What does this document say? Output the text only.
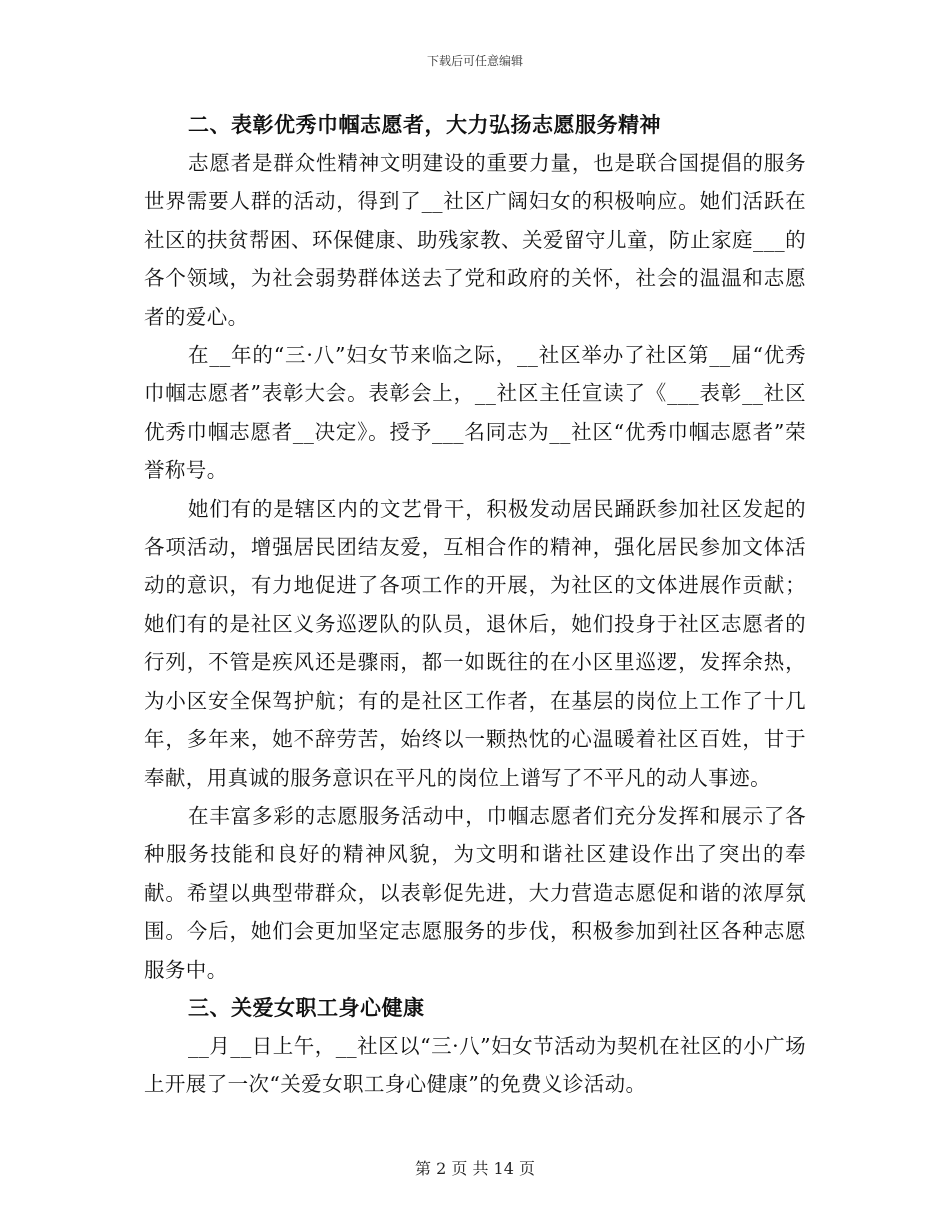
下载后可任意编辑
二、表彰优秀巾帼志愿者，大力弘扬志愿服务精神

志愿者是群众性精神文明建设的重要力量，也是联合国提倡的服务世界需要人群的活动，得到了__社区广阔妇女的积极响应。她们活跃在社区的扶贫帮困、环保健康、助残家教、关爱留守儿童，防止家庭___的各个领域，为社会弱势群体送去了党和政府的关怀，社会的温温和志愿者的爱心。

在__年的“三·八”妇女节来临之际，__社区举办了社区第__届“优秀巾帼志愿者”表彰大会。表彰会上，__社区主任宣读了《___表彰__社区优秀巾帼志愿者__决定》。授予___名同志为__社区“优秀巾帼志愿者”荣誉称号。

她们有的是辖区内的文艺骨干，积极发动居民踊跃参加社区发起的各项活动，增强居民团结友爱，互相合作的精神，强化居民参加文体活动的意识，有力地促进了各项工作的开展，为社区的文体进展作贡献；她们有的是社区义务巡逻队的队员，退休后，她们投身于社区志愿者的行列，不管是疾风还是骤雨，都一如既往的在小区里巡逻，发挥余热，为小区安全保驾护航；有的是社区工作者，在基层的岗位上工作了十几年，多年来，她不辞劳苦，始终以一颗热忱的心温暖着社区百姓，甘于奉献，用真诚的服务意识在平凡的岗位上谱写了不平凡的动人事迹。

在丰富多彩的志愿服务活动中，巾帼志愿者们充分发挥和展示了各种服务技能和良好的精神风貌，为文明和谐社区建设作出了突出的奉献。希望以典型带群众，以表彰促先进，大力营造志愿促和谐的浓厚氛围。今后，她们会更加坚定志愿服务的步伐，积极参加到社区各种志愿服务中。

三、关爱女职工身心健康

__月__日上午，__社区以“三·八”妇女节活动为契机在社区的小广场上开展了一次“关爱女职工身心健康”的免费义诊活动。

第 2 页 共 14 页
